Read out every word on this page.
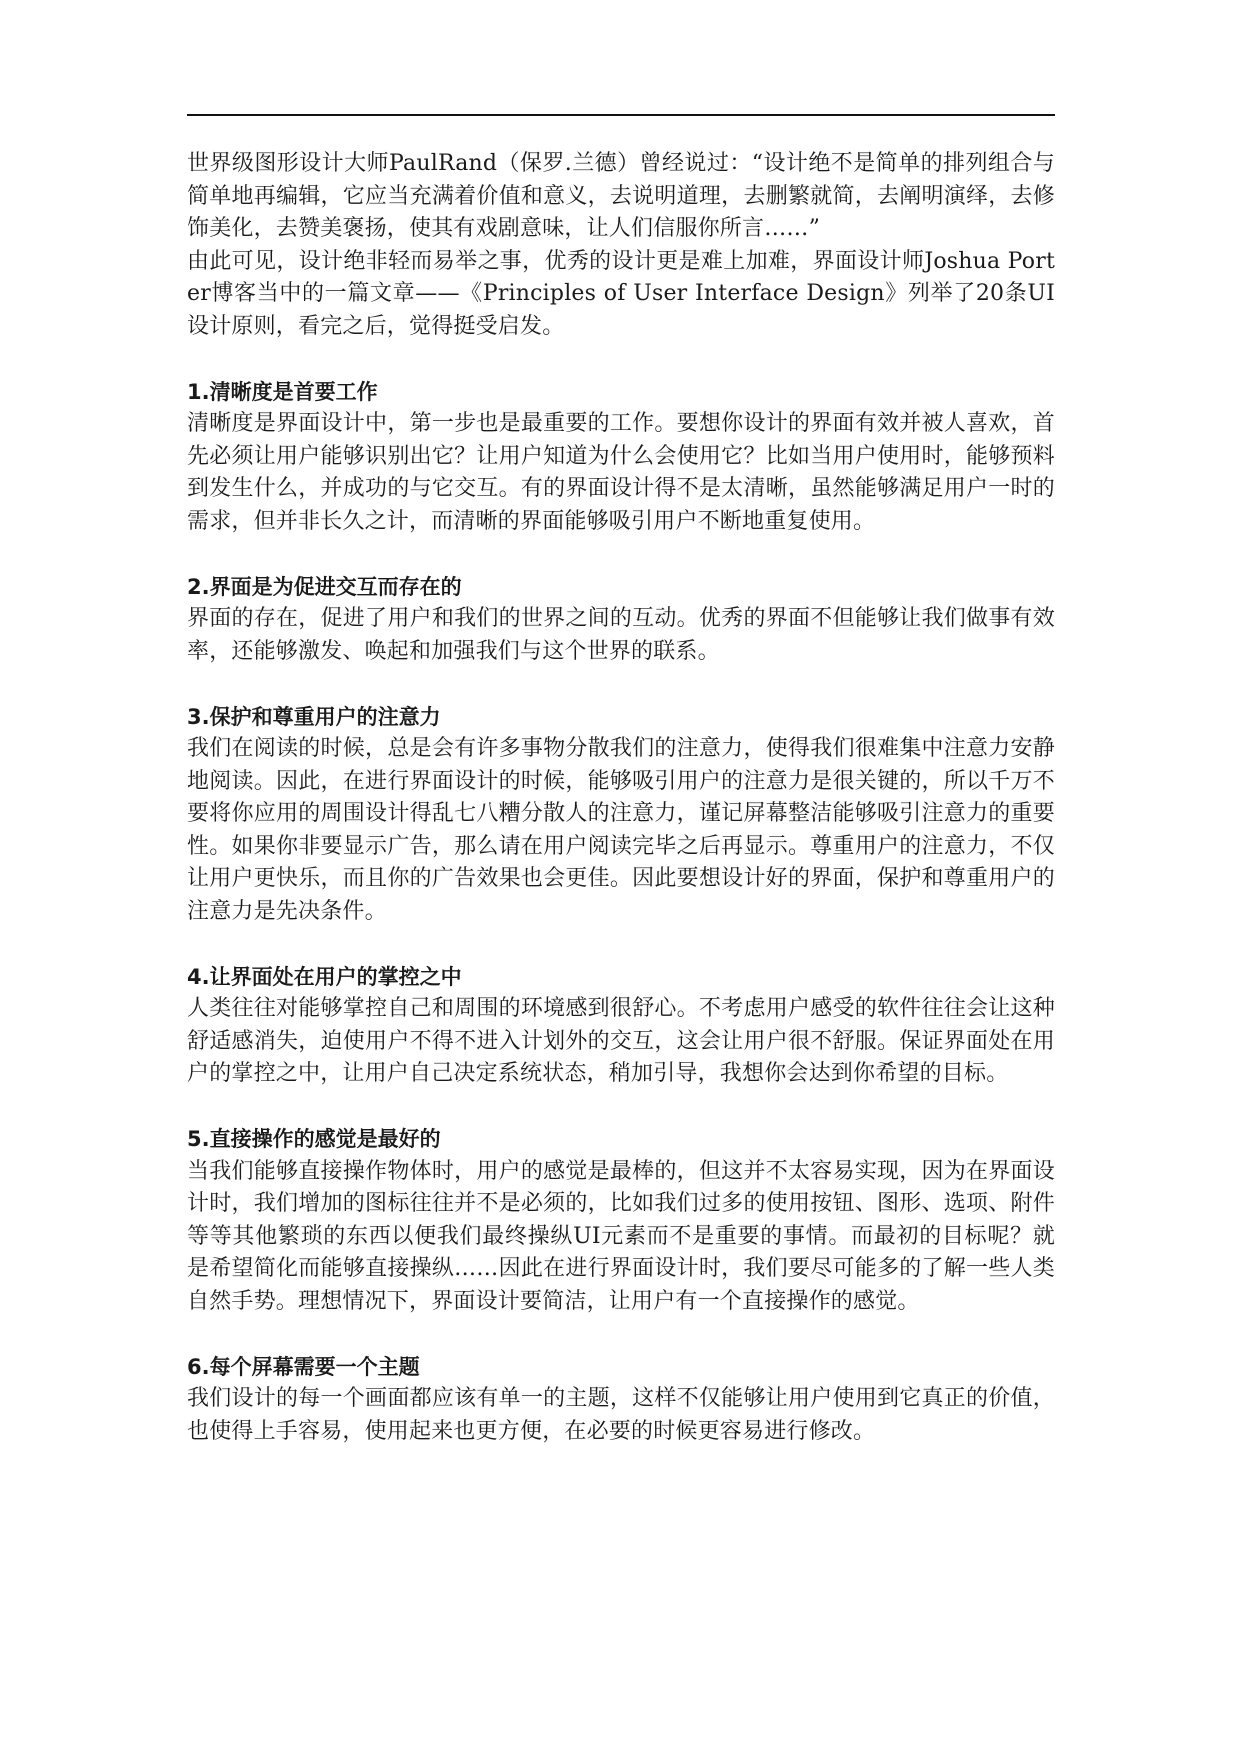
世界级图形设计大师PaulRand（保罗.兰德）曾经说过：“设计绝不是简单的排列组合与简单地再编辑，它应当充满着价值和意义，去说明道理，去删繁就简，去阐明演绎，去修饰美化，去赞美褒扬，使其有戏剧意味，让人们信服你所言……”

由此可见，设计绝非轻而易举之事，优秀的设计更是难上加难，界面设计师Joshua Porter博客当中的一篇文章——《Principles of User Interface Design》列举了20条UI设计原则，看完之后，觉得挺受启发。

1.清晰度是首要工作

清晰度是界面设计中，第一步也是最重要的工作。要想你设计的界面有效并被人喜欢，首先必须让用户能够识别出它？让用户知道为什么会使用它？比如当用户使用时，能够预料到发生什么，并成功的与它交互。有的界面设计得不是太清晰，虽然能够满足用户一时的需求，但并非长久之计，而清晰的界面能够吸引用户不断地重复使用。

2.界面是为促进交互而存在的

界面的存在，促进了用户和我们的世界之间的互动。优秀的界面不但能够让我们做事有效率，还能够激发、唤起和加强我们与这个世界的联系。

3.保护和尊重用户的注意力

我们在阅读的时候，总是会有许多事物分散我们的注意力，使得我们很难集中注意力安静地阅读。因此，在进行界面设计的时候，能够吸引用户的注意力是很关键的，所以千万不要将你应用的周围设计得乱七八糟分散人的注意力，谨记屏幕整洁能够吸引注意力的重要性。如果你非要显示广告，那么请在用户阅读完毕之后再显示。尊重用户的注意力，不仅让用户更快乐，而且你的广告效果也会更佳。因此要想设计好的界面，保护和尊重用户的注意力是先决条件。

4.让界面处在用户的掌控之中

人类往往对能够掌控自己和周围的环境感到很舒心。不考虑用户感受的软件往往会让这种舒适感消失，迫使用户不得不进入计划外的交互，这会让用户很不舒服。保证界面处在用户的掌控之中，让用户自己决定系统状态，稍加引导，我想你会达到你希望的目标。

5.直接操作的感觉是最好的

当我们能够直接操作物体时，用户的感觉是最棒的，但这并不太容易实现，因为在界面设计时，我们增加的图标往往并不是必须的，比如我们过多的使用按钮、图形、选项、附件等等其他繁琐的东西以便我们最终操纵UI元素而不是重要的事情。而最初的目标呢？就是希望简化而能够直接操纵……因此在进行界面设计时，我们要尽可能多的了解一些人类自然手势。理想情况下，界面设计要简洁，让用户有一个直接操作的感觉。

6.每个屏幕需要一个主题

我们设计的每一个画面都应该有单一的主题，这样不仅能够让用户使用到它真正的价值，也使得上手容易，使用起来也更方便，在必要的时候更容易进行修改。
